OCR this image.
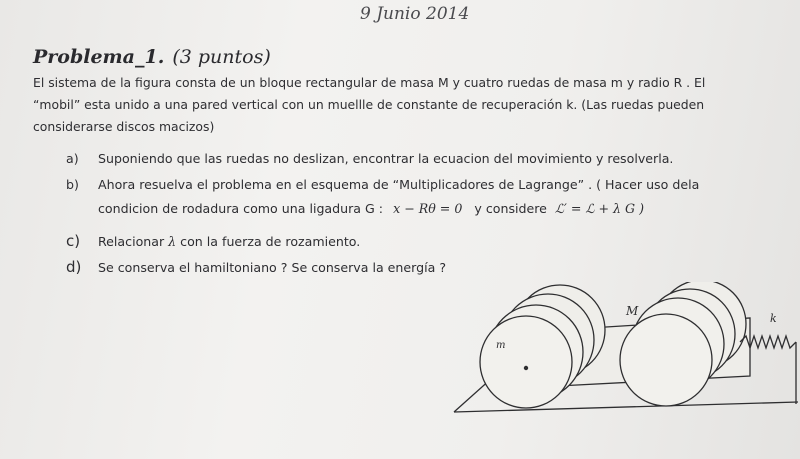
9 Junio 2014
Problema_1. (3 puntos)
El sistema de la figura consta de un bloque rectangular de masa M y cuatro ruedas de masa m y radio R . El
“mobil” esta unido a una pared vertical con un muellle de constante de recuperación k. (Las ruedas pueden
considerarse discos macizos)
a) Suponiendo que las ruedas no deslizan, encontrar la ecuacion del movimiento y resolverla.
b) Ahora resuelva el problema en el esquema de “Multiplicadores de Lagrange” . ( Hacer uso dela
condicion de rodadura como una ligadura G : x − Rθ = 0 y considere ℒ′ = ℒ + λ G )
c) Relacionar λ con la fuerza de rozamiento.
d) Se conserva el hamiltoniano ? Se conserva la energía ?
M
m
k
